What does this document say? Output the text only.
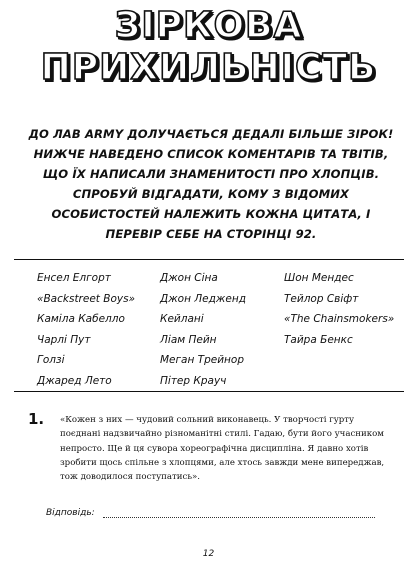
ЗІРКОВА
ПРИХИЛЬНІСТЬ
ДО ЛАВ ARMY ДОЛУЧАЄТЬСЯ ДЕДАЛІ БІЛЬШЕ ЗІРОК! НИЖЧЕ НАВЕДЕНО СПИСОК КОМЕНТАРІВ ТА ТВІТІВ, ЩО ЇХ НАПИСАЛИ ЗНАМЕНИТОСТІ ПРО ХЛОПЦІВ. СПРОБУЙ ВІДГАДАТИ, КОМУ З ВІДОМИХ ОСОБИСТОСТЕЙ НАЛЕЖИТЬ КОЖНА ЦИТАТА, І ПЕРЕВІР СЕБЕ НА СТОРІНЦІ 92.
Енсел Елгорт
«Backstreet Boys»
Каміла Кабелло
Чарлі Пут
Голзі
Джаред Лето
Джон Сіна
Джон Ледженд
Кейлані
Ліам Пейн
Меган Трейнор
Пітер Крауч
Шон Мендес
Тейлор Свіфт
«The Chainsmokers»
Тайра Бенкс
1. «Кожен з них — чудовий сольний виконавець. У творчості гурту поєднані надзвичайно різноманітні стилі. Гадаю, бути його учасником непросто. Ще й ця сувора хореографічна дисципліна. Я давно хотів зробити щось спільне з хлопцями, але хтось завжди мене випереджав, тож доводилося поступатись».
Відповідь:
12
